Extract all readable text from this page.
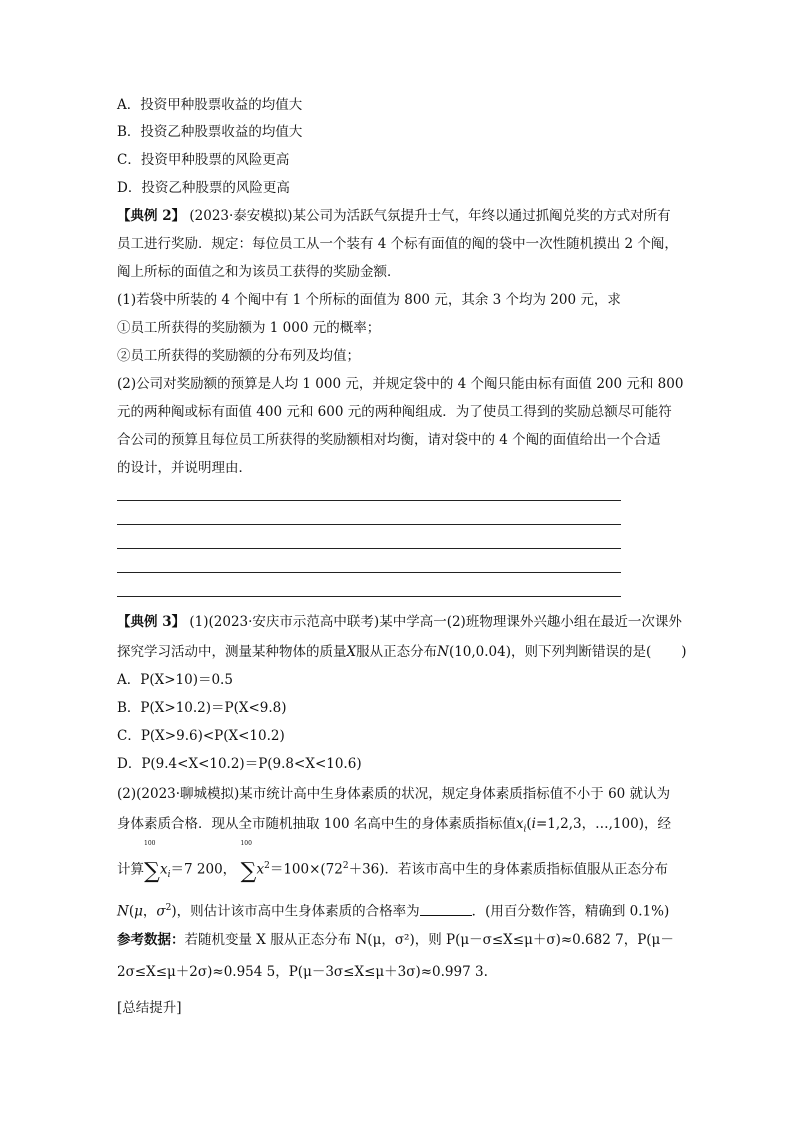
A．投资甲种股票收益的均值大
B．投资乙种股票收益的均值大
C．投资甲种股票的风险更高
D．投资乙种股票的风险更高
【典例 2】 (2023·泰安模拟)某公司为活跃气氛提升士气，年终以通过抓阄兑奖的方式对所有
员工进行奖励．规定：每位员工从一个装有 4 个标有面值的阄的袋中一次性随机摸出 2 个阄，
阄上所标的面值之和为该员工获得的奖励金额．
(1)若袋中所装的 4 个阄中有 1 个所标的面值为 800 元，其余 3 个均为 200 元，求
①员工所获得的奖励额为 1 000 元的概率；
②员工所获得的奖励额的分布列及均值；
(2)公司对奖励额的预算是人均 1 000 元，并规定袋中的 4 个阄只能由标有面值 200 元和 800
元的两种阄或标有面值 400 元和 600 元的两种阄组成．为了使员工得到的奖励总额尽可能符
合公司的预算且每位员工所获得的奖励额相对均衡，请对袋中的 4 个阄的面值给出一个合适
的设计，并说明理由．
【典例 3】 (1)(2023·安庆市示范高中联考)某中学高一(2)班物理课外兴趣小组在最近一次课外
探究学习活动中，测量某种物体的质量X服从正态分布N(10,0.04)，则下列判断错误的是( )
A．P(X>10)＝0.5
B．P(X>10.2)＝P(X<9.8)
C．P(X>9.6)<P(X<10.2)
D．P(9.4<X<10.2)＝P(9.8<X<10.6)
(2)(2023·聊城模拟)某市统计高中生身体素质的状况，规定身体素质指标值不小于 60 就认为
身体素质合格．现从全市随机抽取 100 名高中生的身体素质指标值$x_i(i=1,2,3$，…,100)，经
计算
100
$\sum x_i=7$ 200，
100
$\sum x^2=100\times(72^2+36)$．若该市高中生的身体素质指标值服从正态分布
N(μ，$\sigma^2$)，则估计该市高中生身体素质的合格率为	．(用百分数作答，精确到 0.1%)
参考数据：若随机变量 X 服从正态分布 N(μ，σ²)，则 P(μ－σ≤X≤μ＋σ)≈0.682 7，P(μ－
2σ≤X≤μ＋2σ)≈0.954 5，P(μ－3σ≤X≤μ＋3σ)≈0.997 3.
[总结提升]
